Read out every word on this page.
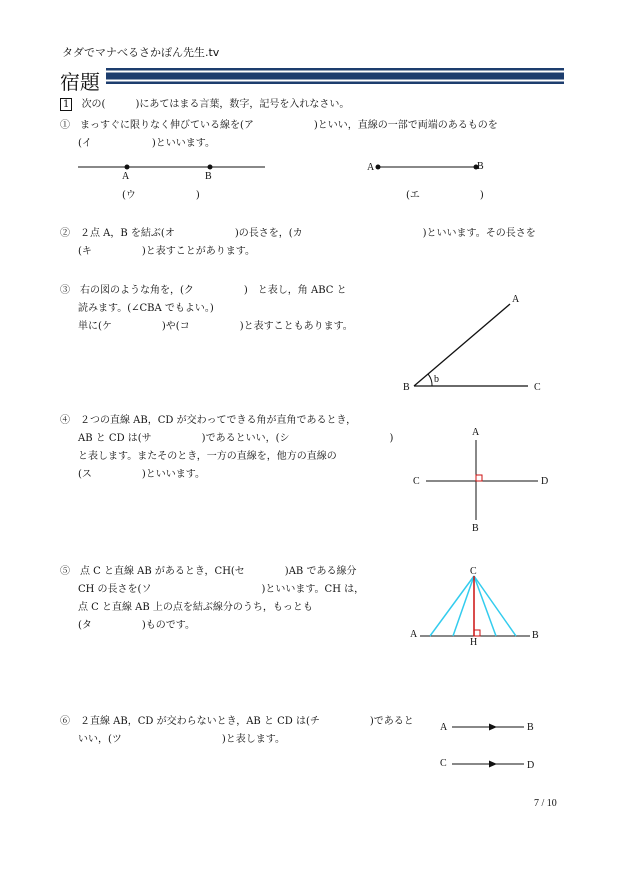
タダでマナべるさかぽん先生.tv
宿題
1 次の(　　　)にあてはまる言葉，数字，記号を入れなさい。
①　まっすぐに限りなく伸びている線を(ア　　　　　　)といい，直線の一部で両端のあるものを
(イ　　　　　　)といいます。
A	B
(ウ　　　　　　)
A	B
(エ　　　　　　)
②　２点 A，B を結ぶ(オ　　　　　　)の長さを，(カ　　　　　　　　　　　　)といいます。その長さを
(キ　　　　　)と表すことがあります。
③　右の図のような角を，(ク　　　　　)　と表し，角 ABC と
読みます。(∠CBA でもよい。)
単に(ケ　　　　　)や(コ　　　　　)と表すこともあります。
A
B	C
b
④　２つの直線 AB，CD が交わってできる角が直角であるとき，
AB と CD は(サ　　　　　)であるといい，(シ　　　　　　　　　　)
と表します。またそのとき，一方の直線を，他方の直線の
(ス　　　　　)といいます。
A
B
C	D
⑤　点 C と直線 AB があるとき，CH(セ　　　　)AB である線分
CH の長さを(ソ　　　　　　　　　　　)といいます。CH は，
点 C と直線 AB 上の点を結ぶ線分のうち，もっとも
(タ　　　　　)ものです。
C
A	B
H
⑥　２直線 AB，CD が交わらないとき，AB と CD は(チ　　　　　)であると
いい，(ツ　　　　　　　　　　)と表します。
A	B
C	D
7 / 10
